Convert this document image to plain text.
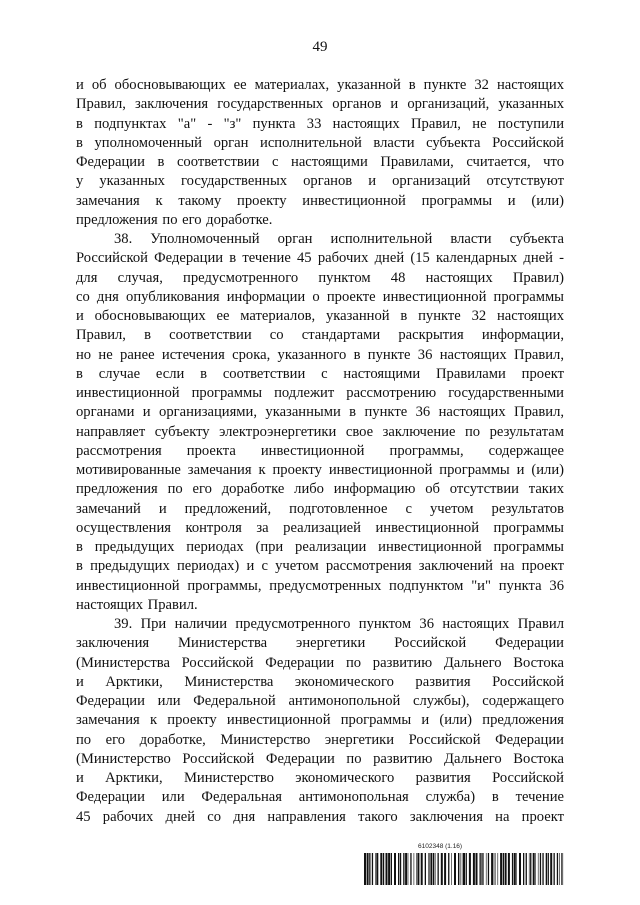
49
и об обосновывающих ее материалах, указанной в пункте 32 настоящих
Правил, заключения государственных органов и организаций, указанных
в подпунктах "а" - "з" пункта 33 настоящих Правил, не поступили
в уполномоченный орган исполнительной власти субъекта Российской
Федерации в соответствии с настоящими Правилами, считается, что
у указанных государственных органов и организаций отсутствуют
замечания к такому проекту инвестиционной программы и (или)
предложения по его доработке.
38. Уполномоченный орган исполнительной власти субъекта
Российской Федерации в течение 45 рабочих дней (15 календарных дней -
для случая, предусмотренного пунктом 48 настоящих Правил)
со дня опубликования информации о проекте инвестиционной программы
и обосновывающих ее материалов, указанной в пункте 32 настоящих
Правил, в соответствии со стандартами раскрытия информации,
но не ранее истечения срока, указанного в пункте 36 настоящих Правил,
в случае если в соответствии с настоящими Правилами проект
инвестиционной программы подлежит рассмотрению государственными
органами и организациями, указанными в пункте 36 настоящих Правил,
направляет субъекту электроэнергетики свое заключение по результатам
рассмотрения проекта инвестиционной программы, содержащее
мотивированные замечания к проекту инвестиционной программы и (или)
предложения по его доработке либо информацию об отсутствии таких
замечаний и предложений, подготовленное с учетом результатов
осуществления контроля за реализацией инвестиционной программы
в предыдущих периодах (при реализации инвестиционной программы
в предыдущих периодах) и с учетом рассмотрения заключений на проект
инвестиционной программы, предусмотренных подпунктом "и" пункта 36
настоящих Правил.
39. При наличии предусмотренного пунктом 36 настоящих Правил
заключения Министерства энергетики Российской Федерации
(Министерства Российской Федерации по развитию Дальнего Востока
и Арктики, Министерства экономического развития Российской
Федерации или Федеральной антимонопольной службы), содержащего
замечания к проекту инвестиционной программы и (или) предложения
по его доработке, Министерство энергетики Российской Федерации
(Министерство Российской Федерации по развитию Дальнего Востока
и Арктики, Министерство экономического развития Российской
Федерации или Федеральная антимонопольная служба) в течение
45 рабочих дней со дня направления такого заключения на проект
6102348 (1.16)
